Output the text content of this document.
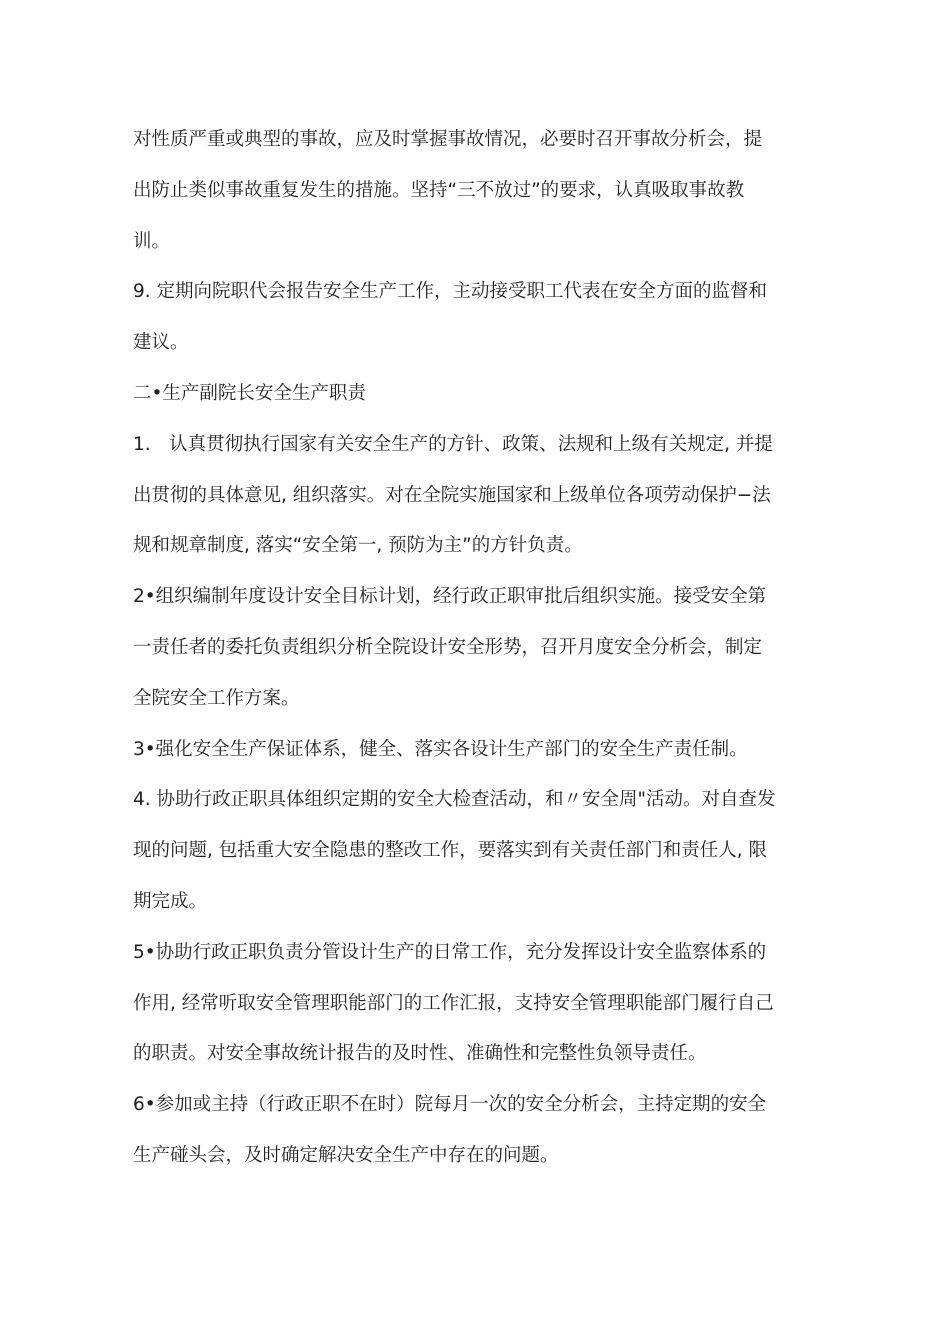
对性质严重或典型的事故，应及时掌握事故情况，必要时召开事故分析会，提
出防止类似事故重复发生的措施。坚持“三不放过”的要求，认真吸取事故教
训。
9. 定期向院职代会报告安全生产工作，主动接受职工代表在安全方面的监督和
建议。
二•生产副院长安全生产职责
1.　认真贯彻执行国家有关安全生产的方针、政策、法规和上级有关规定, 并提
出贯彻的具体意见, 组织落实。对在全院实施国家和上级单位各项劳动保护−法
规和规章制度, 落实“安全第一, 预防为主”的方针负责。
2•组织编制年度设计安全目标计划，经行政正职审批后组织实施。接受安全第
一责任者的委托负责组织分析全院设计安全形势，召开月度安全分析会，制定
全院安全工作方案。
3•强化安全生产保证体系，健全、落实各设计生产部门的安全生产责任制。
4. 协助行政正职具体组织定期的安全大检查活动，和〃安全周"活动。对自查发
现的问题, 包括重大安全隐患的整改工作，要落实到有关责任部门和责任人, 限
期完成。
5•协助行政正职负责分管设计生产的日常工作，充分发挥设计安全监察体系的
作用, 经常听取安全管理职能部门的工作汇报，支持安全管理职能部门履行自己
的职责。对安全事故统计报告的及时性、准确性和完整性负领导责任。
6•参加或主持（行政正职不在时）院每月一次的安全分析会，主持定期的安全
生产碰头会，及时确定解决安全生产中存在的问题。
